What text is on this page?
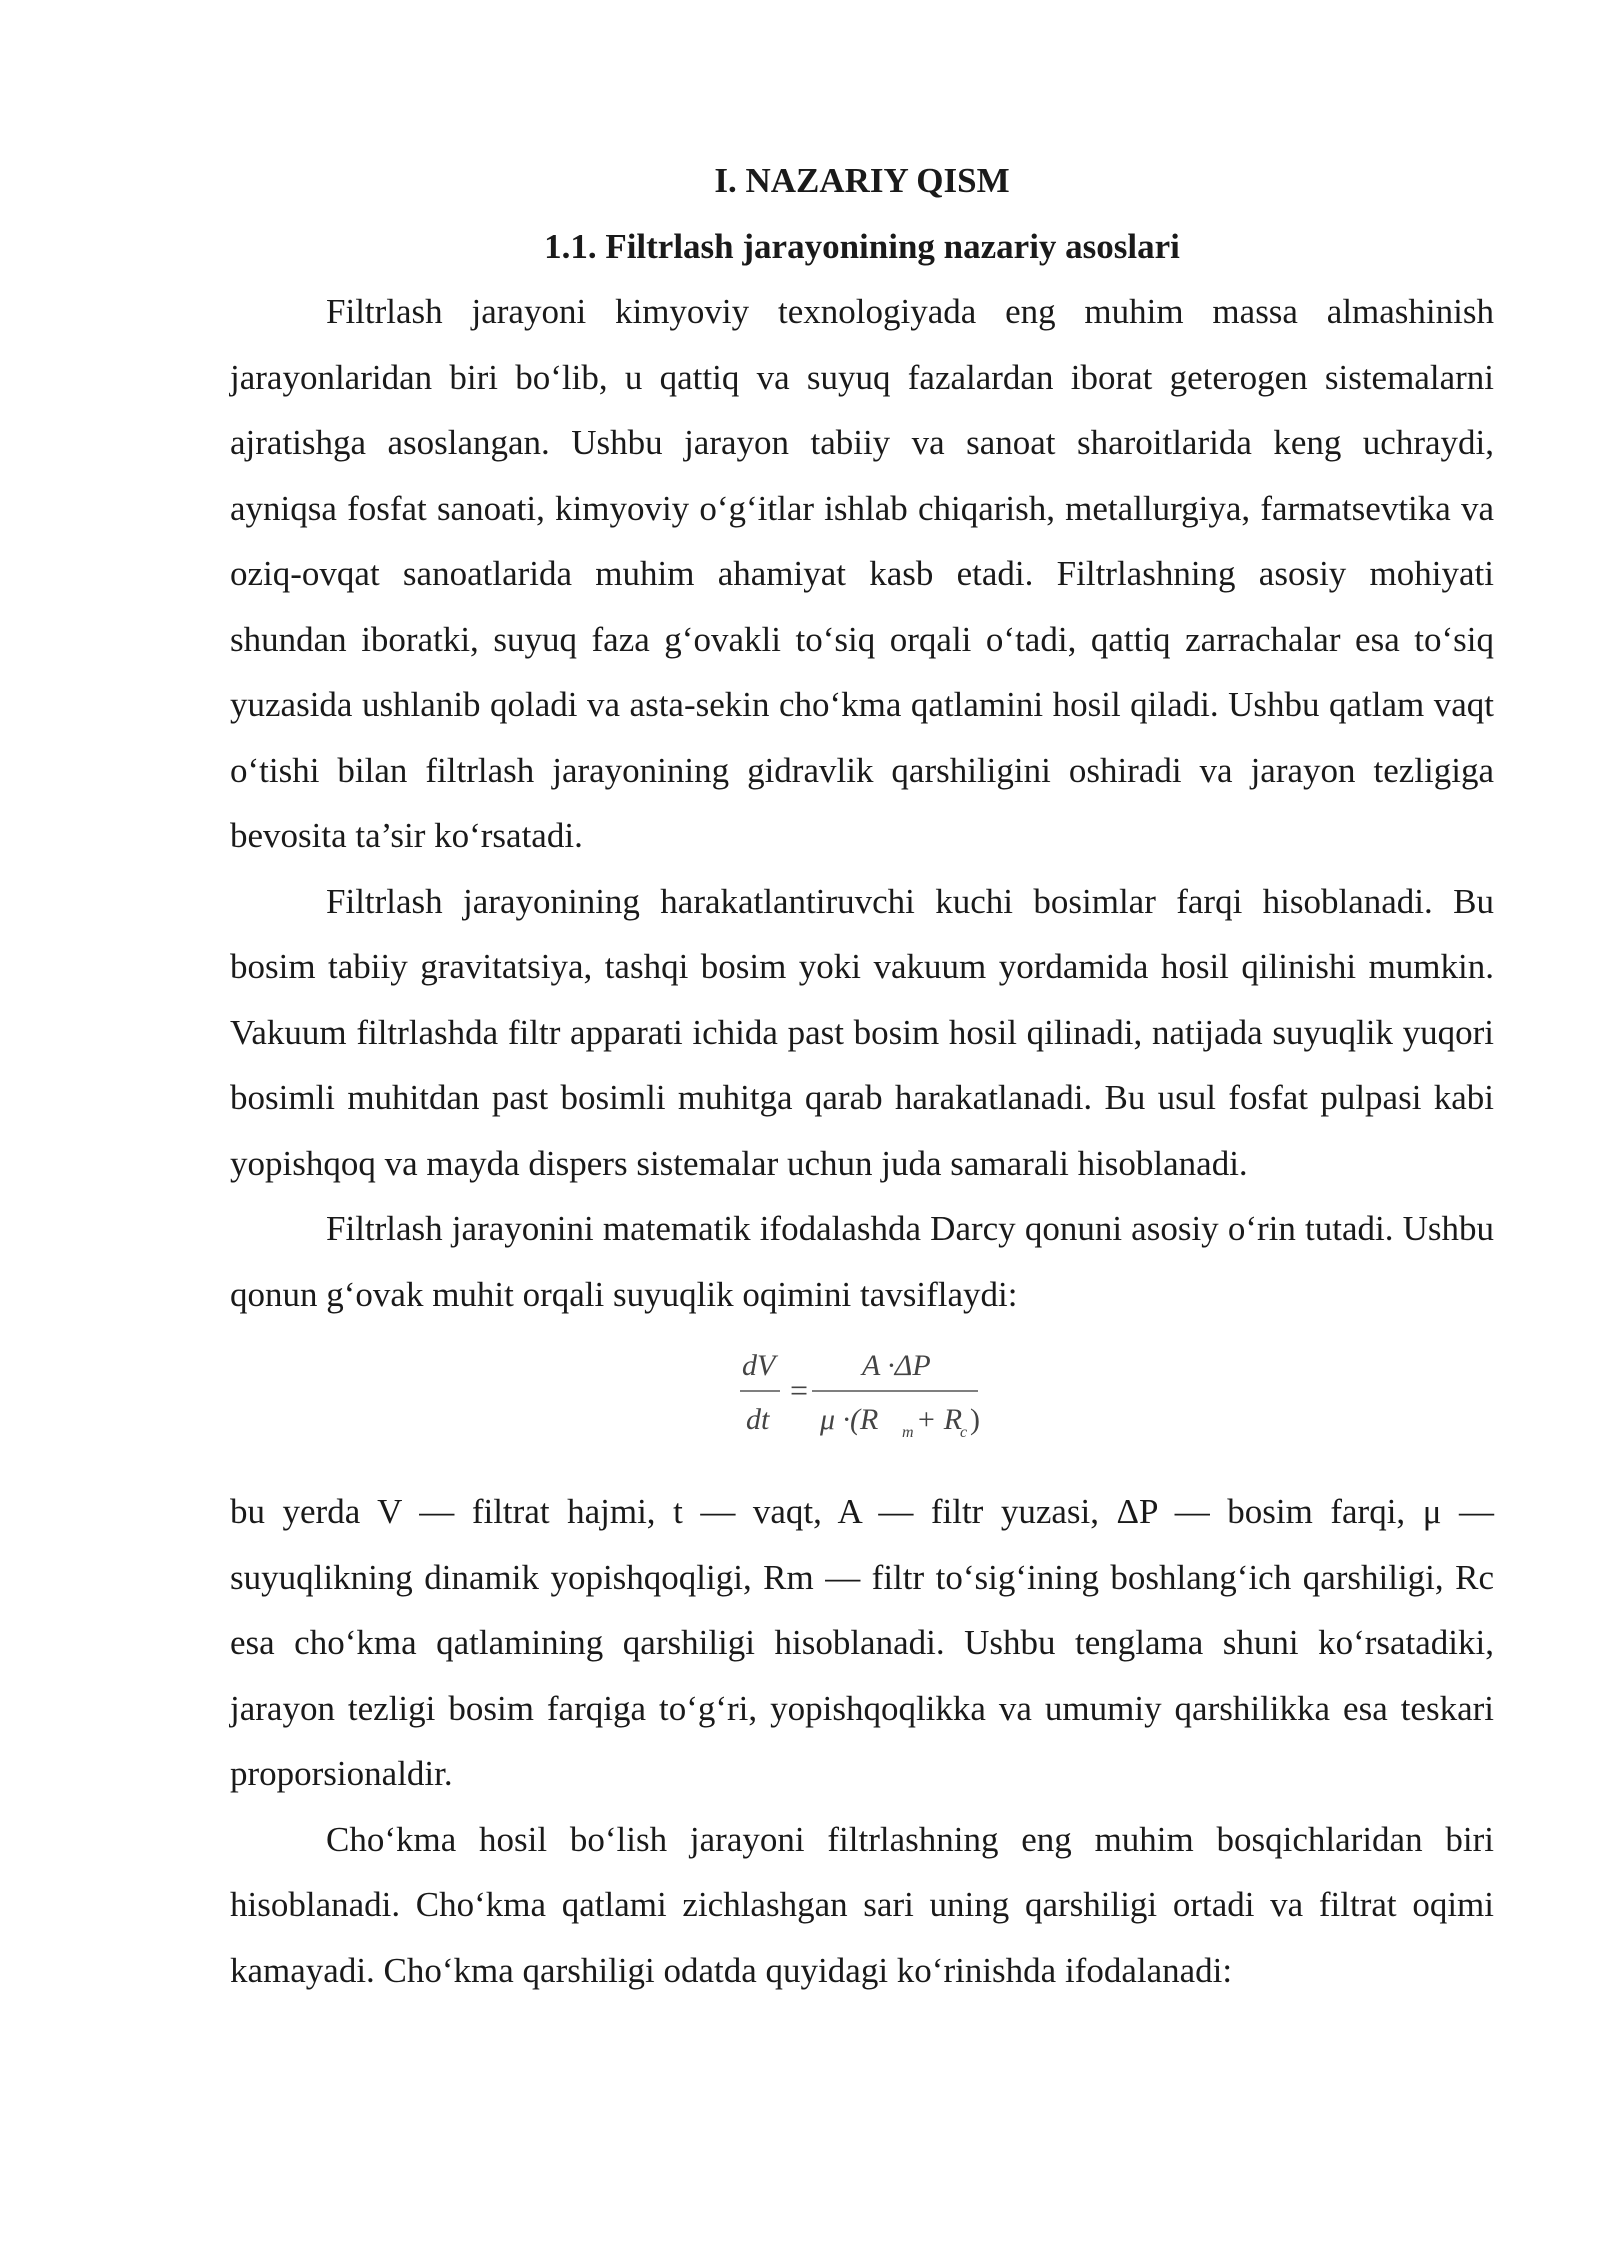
I. NAZARIY QISM

1.1. Filtrlash jarayonining nazariy asoslari

Filtrlash jarayoni kimyoviy texnologiyada eng muhim massa almashinish jarayonlaridan biri bo‘lib, u qattiq va suyuq fazalardan iborat geterogen sistemalarni ajratishga asoslangan. Ushbu jarayon tabiiy va sanoat sharoitlarida keng uchraydi, ayniqsa fosfat sanoati, kimyoviy o‘g‘itlar ishlab chiqarish, metallurgiya, farmatsevtika va oziq-ovqat sanoatlarida muhim ahamiyat kasb etadi. Filtrlashning asosiy mohiyati shundan iboratki, suyuq faza g‘ovakli to‘siq orqali o‘tadi, qattiq zarrachalar esa to‘siq yuzasida ushlanib qoladi va asta-sekin cho‘kma qatlamini hosil qiladi. Ushbu qatlam vaqt o‘tishi bilan filtrlash jarayonining gidravlik qarshiligini oshiradi va jarayon tezligiga bevosita ta’sir ko‘rsatadi.

Filtrlash jarayonining harakatlantiruvchi kuchi bosimlar farqi hisoblanadi. Bu bosim tabiiy gravitatsiya, tashqi bosim yoki vakuum yordamida hosil qilinishi mumkin. Vakuum filtrlashda filtr apparati ichida past bosim hosil qilinadi, natijada suyuqlik yuqori bosimli muhitdan past bosimli muhitga qarab harakatlanadi. Bu usul fosfat pulpasi kabi yopishqoq va mayda dispers sistemalar uchun juda samarali hisoblanadi.

Filtrlash jarayonini matematik ifodalashda Darcy qonuni asosiy o‘rin tutadi. Ushbu qonun g‘ovak muhit orqali suyuqlik oqimini tavsiflaydi:

dV
dt
=
A ·ΔP
μ ·(R m + R
c )

bu yerda V — filtrat hajmi, t — vaqt, A — filtr yuzasi, ΔP — bosim farqi, μ — suyuqlikning dinamik yopishqoqligi, Rm — filtr to‘sig‘ining boshlang‘ich qarshiligi, Rc esa cho‘kma qatlamining qarshiligi hisoblanadi. Ushbu tenglama shuni ko‘rsatadiki, jarayon tezligi bosim farqiga to‘g‘ri, yopishqoqlikka va umumiy qarshilikka esa teskari proporsionaldir.

Cho‘kma hosil bo‘lish jarayoni filtrlashning eng muhim bosqichlaridan biri hisoblanadi. Cho‘kma qatlami zichlashgan sari uning qarshiligi ortadi va filtrat oqimi kamayadi. Cho‘kma qarshiligi odatda quyidagi ko‘rinishda ifodalanadi:
